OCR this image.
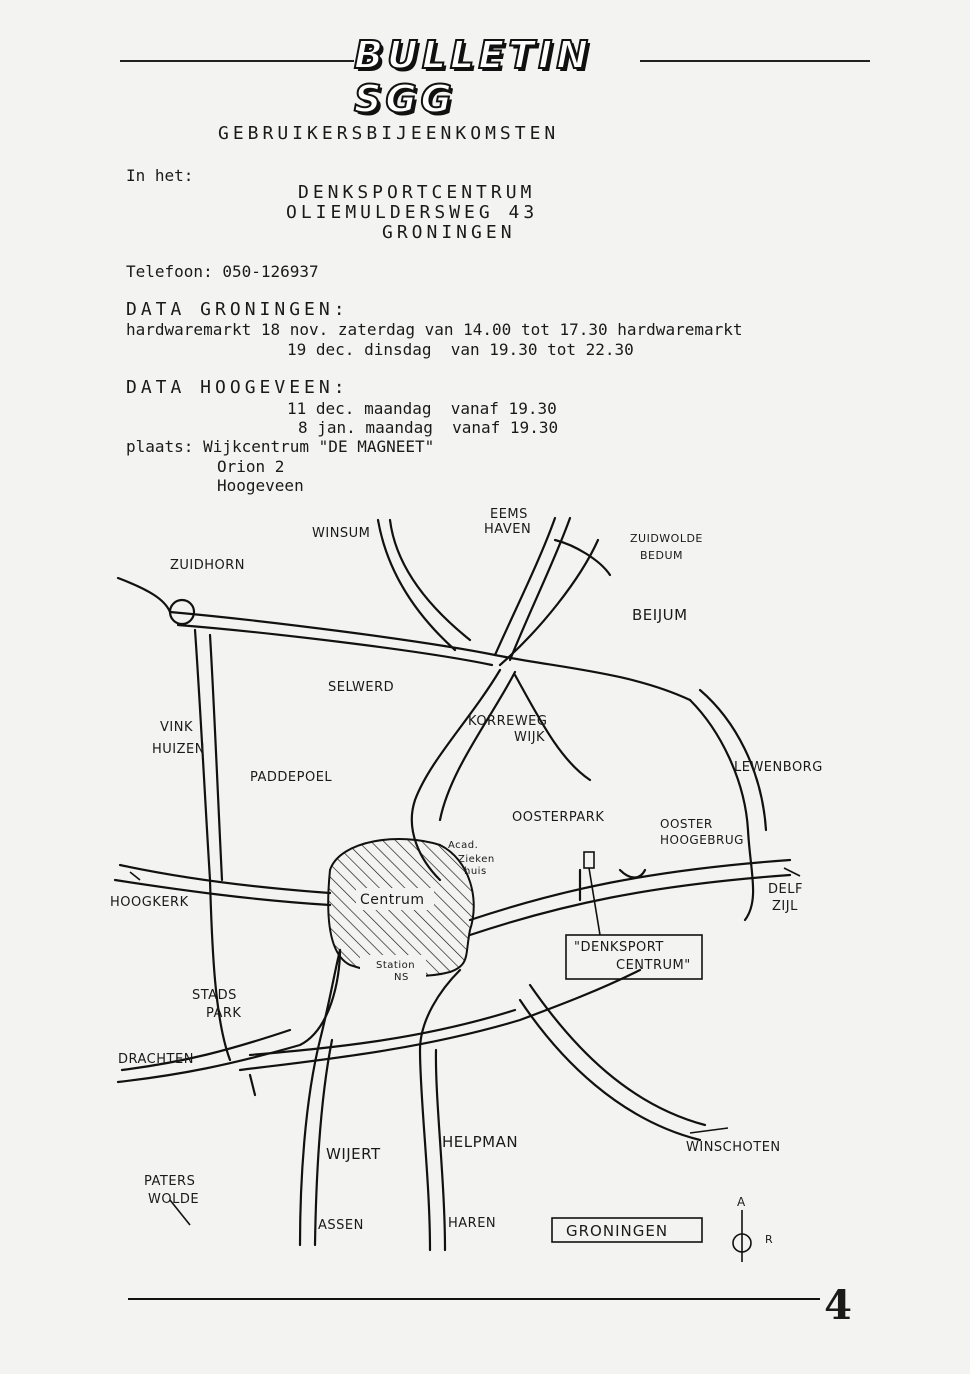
BULLETIN SGG
GEBRUIKERSBIJEENKOMSTEN
In het:
DENKSPORTCENTRUM
OLIEMULDERSWEG 43
GRONINGEN
Telefoon: 050-126937
DATA GRONINGEN:
hardwaremarkt 18 nov. zaterdag van 14.00 tot 17.30 hardwaremarkt
19 dec. dinsdag  van 19.30 tot 22.30
DATA HOOGEVEEN:
11 dec. maandag  vanaf 19.30
8 jan. maandag  vanaf 19.30
plaats: Wijkcentrum "DE MAGNEET"
Orion 2
Hoogeveen
WINSUM
EEMS
HAVEN
ZUIDWOLDE
BEDUM
ZUIDHORN
BEIJUM
SELWERD
VINK
HUIZEN
KORREWEG
WIJK
LEWENBORG
PADDEPOEL
OOSTERPARK	OOSTER
HOOGEBRUG
Acad.
Zieken
huis
HOOGKERK	Centrum
DELF
ZIJL
Station
NS
"DENKSPORT
CENTRUM"
STADS
PARK
DRACHTEN
WIJERT
HELPMAN	WINSCHOTEN
PATERS
WOLDE
ASSEN	HAREN	GRONINGEN
A
R
4
